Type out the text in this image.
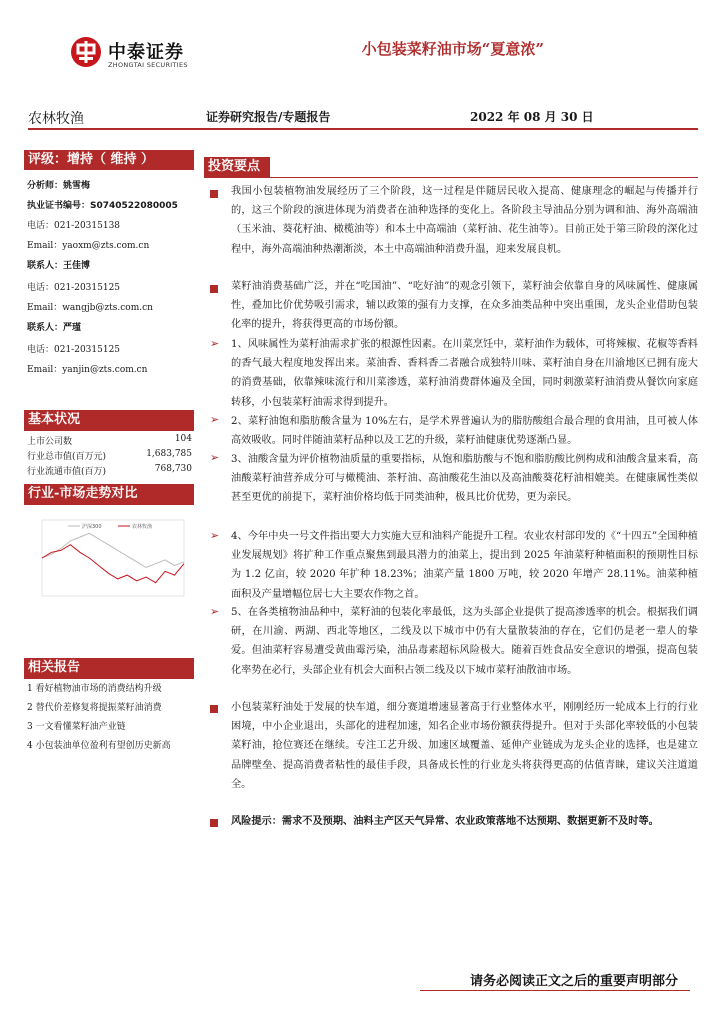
中泰证券
ZHONGTAI SECURITIES
小包装菜籽油市场“夏意浓”
农林牧渔	证券研究报告/专题报告	2022 年 08 月 30 日
评级：增持（ 维持 ）
分析师：姚雪梅
执业证书编号：S0740522080005
电话：021-20315138
Email：yaoxm@zts.com.cn
联系人：王佳博
电话：021-20315125
Email：wangjb@zts.com.cn
联系人：严瑾
电话：021-20315125
Email：yanjin@zts.com.cn
基本状况
上市公司数	104
行业总市值(百万元)	1,683,785
行业流通市值(百万)	768,730
行业-市场走势对比
沪深300	农林牧渔
相关报告
1 看好植物油市场的消费结构升级
2 替代价差修复将提振菜籽油消费
3 一文看懂菜籽油产业链
4 小包装油单位盈利有望创历史新高
投资要点
我国小包装植物油发展经历了三个阶段，这一过程是伴随居民收入提高、健康理念的崛起与传播并行的，这三个阶段的演进体现为消费者在油种选择的变化上。各阶段主导油品分别为调和油、海外高端油（玉米油、葵花籽油、橄榄油等）和本土中高端油（菜籽油、花生油等）。目前正处于第三阶段的深化过程中，海外高端油种热潮渐淡，本土中高端油种消费升温，迎来发展良机。
菜籽油消费基础广泛，并在“吃国油”、“吃好油”的观念引领下，菜籽油会依靠自身的风味属性、健康属性，叠加比价优势吸引需求，辅以政策的强有力支撑，在众多油类品种中突出重围，龙头企业借助包装化率的提升，将获得更高的市场份额。
➢ 1、风味属性为菜籽油需求扩张的根源性因素。在川菜烹饪中，菜籽油作为载体，可将辣椒、花椒等香料的香气最大程度地发挥出来。菜油香、香料香二者融合成独特川味、菜籽油自身在川渝地区已拥有庞大的消费基础，依靠辣味流行和川菜渗透，菜籽油消费群体遍及全国，同时刺激菜籽油消费从餐饮向家庭转移，小包装菜籽油需求得到提升。
➢ 2、菜籽油饱和脂肪酸含量为 10%左右，是学术界普遍认为的脂肪酸组合最合理的食用油，且可被人体高效吸收。同时伴随油菜籽品种以及工艺的升级，菜籽油健康优势逐渐凸显。
➢ 3、油酸含量为评价植物油质量的重要指标，从饱和脂肪酸与不饱和脂肪酸比例构成和油酸含量来看，高油酸菜籽油营养成分可与橄榄油、茶籽油、高油酸花生油以及高油酸葵花籽油相媲美。在健康属性类似甚至更优的前提下，菜籽油价格均低于同类油种，极具比价优势，更为亲民。
➢ 4、今年中央一号文件指出要大力实施大豆和油料产能提升工程。农业农村部印发的《“十四五”全国种植业发展规划》将扩种工作重点聚焦到最具潜力的油菜上，提出到 2025 年油菜籽种植面积的预期性目标为 1.2 亿亩，较 2020 年扩种 18.23%；油菜产量 1800 万吨，较 2020 年增产 28.11%。油菜种植面积及产量增幅位居七大主要农作物之首。
➢ 5、在各类植物油品种中，菜籽油的包装化率最低，这为头部企业提供了提高渗透率的机会。根据我们调研，在川渝、两湖、西北等地区，二线及以下城市中仍有大量散装油的存在，它们仍是老一辈人的挚爱。但油菜籽容易遭受黄曲霉污染，油品毒素超标风险极大。随着百姓食品安全意识的增强，提高包装化率势在必行，头部企业有机会大面积占领二线及以下城市菜籽油散油市场。
小包装菜籽油处于发展的快车道，细分赛道增速显著高于行业整体水平，刚刚经历一轮成本上行的行业困境，中小企业退出，头部化的进程加速，知名企业市场份额获得提升。但对于头部化率较低的小包装菜籽油，抢位赛还在继续。专注工艺升级、加速区域覆盖、延伸产业链成为龙头企业的选择，也是建立品牌壁垒、提高消费者粘性的最佳手段，具备成长性的行业龙头将获得更高的估值青睐，建议关注道道全。
风险提示：需求不及预期、油料主产区天气异常、农业政策落地不达预期、数据更新不及时等。
请务必阅读正文之后的重要声明部分
